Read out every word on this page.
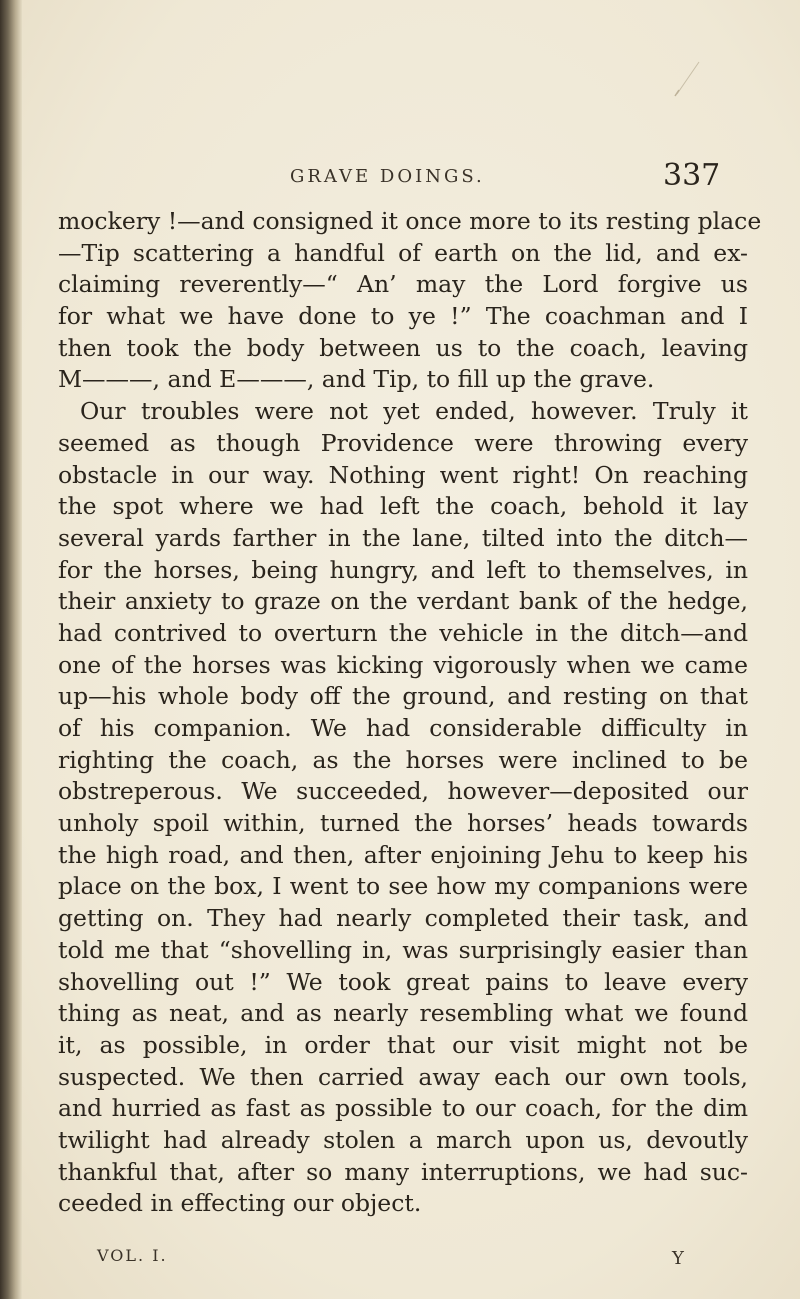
GRAVE DOINGS.	337
mockery !—and consigned it once more to its resting place
—Tip scattering a handful of earth on the lid, and ex-
claiming reverently—“ An’ may the Lord forgive us
for what we have done to ye !” The coachman and I
then took the body between us to the coach, leaving
M———, and E———, and Tip, to fill up the grave.
Our troubles were not yet ended, however. Truly it
seemed as though Providence were throwing every
obstacle in our way. Nothing went right! On reaching
the spot where we had left the coach, behold it lay
several yards farther in the lane, tilted into the ditch—
for the horses, being hungry, and left to themselves, in
their anxiety to graze on the verdant bank of the hedge,
had contrived to overturn the vehicle in the ditch—and
one of the horses was kicking vigorously when we came
up—his whole body off the ground, and resting on that
of his companion. We had considerable difficulty in
righting the coach, as the horses were inclined to be
obstreperous. We succeeded, however—deposited our
unholy spoil within, turned the horses’ heads towards
the high road, and then, after enjoining Jehu to keep his
place on the box, I went to see how my companions were
getting on. They had nearly completed their task, and
told me that “shovelling in, was surprisingly easier than
shovelling out !” We took great pains to leave every
thing as neat, and as nearly resembling what we found
it, as possible, in order that our visit might not be
suspected. We then carried away each our own tools,
and hurried as fast as possible to our coach, for the dim
twilight had already stolen a march upon us, devoutly
thankful that, after so many interruptions, we had suc-
ceeded in effecting our object.
VOL. I.	Y
